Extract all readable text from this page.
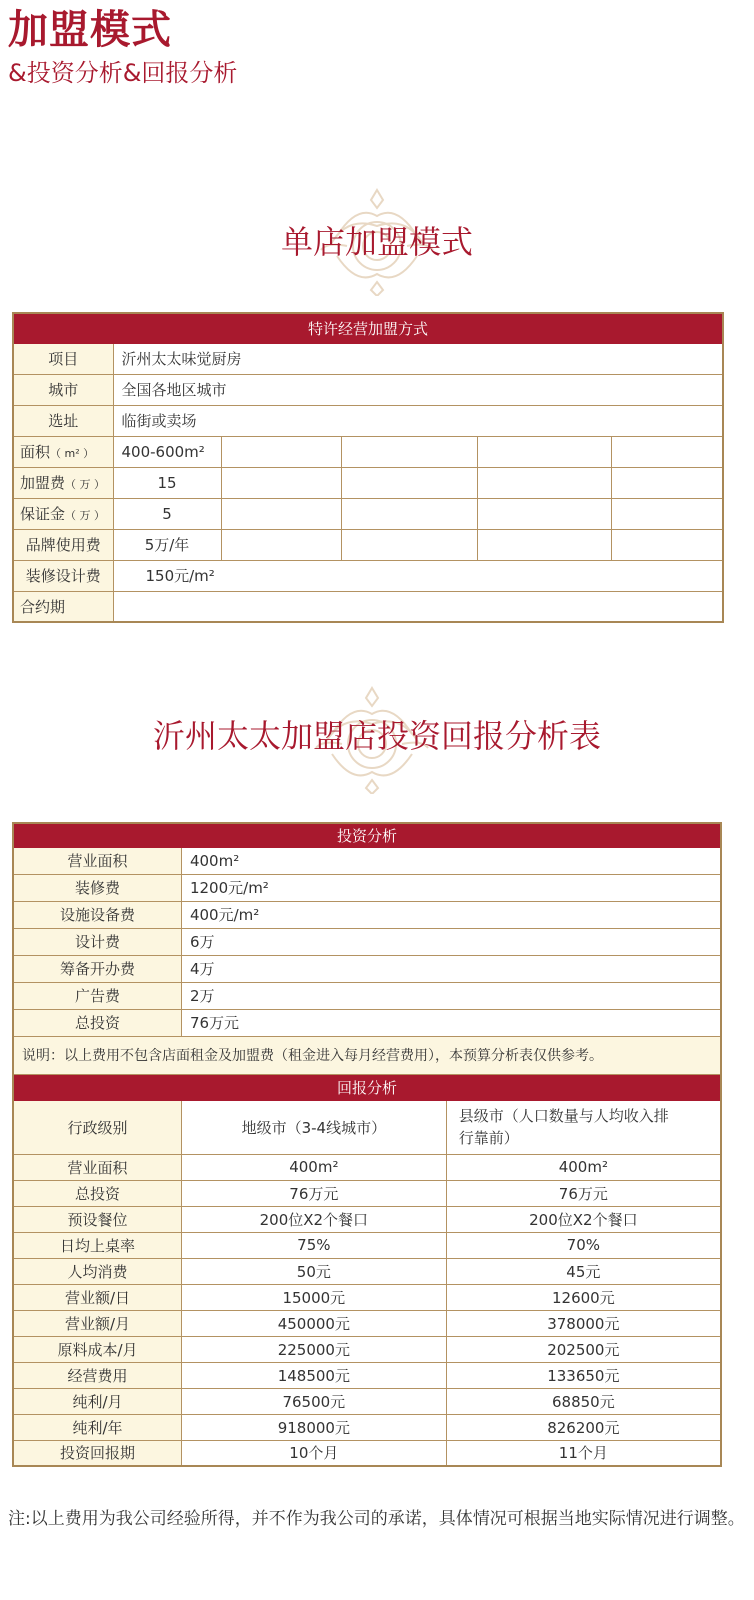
加盟模式
&投资分析&回报分析
单店加盟模式
特许经营加盟方式					
项目	沂州太太味觉厨房				
城市	全国各地区城市				
选址	临街或卖场				
面积（ m² ）	400-600m²				
加盟费（ 万 ）	15				
保证金（ 万 ）	5				
品牌使用费	5万/年				
装修设计费	150元/m²				
合约期					
沂州太太加盟店投资回报分析表
投资分析		
营业面积	400m²	
装修费	1200元/m²	
设施设备费	400元/m²	
设计费	6万	
筹备开办费	4万	
广告费	2万	
总投资	76万元	
说明：以上费用不包含店面租金及加盟费（租金进入每月经营费用），本预算分析表仅供参考。		
回报分析		
行政级别	地级市（3-4线城市）	县级市（人口数量与人均收入排
行靠前）

营业面积	400m²	400m²
总投资	76万元	76万元
预设餐位	200位X2个餐口	200位X2个餐口
日均上桌率	75%	70%
人均消费	50元	45元
营业额/日	15000元	12600元
营业额/月	450000元	378000元
原料成本/月	225000元	202500元
经营费用	148500元	133650元
纯利/月	76500元	68850元
纯利/年	918000元	826200元
投资回报期	10个月	11个月
注:以上费用为我公司经验所得，并不作为我公司的承诺，具体情况可根据当地实际情况进行调整。
